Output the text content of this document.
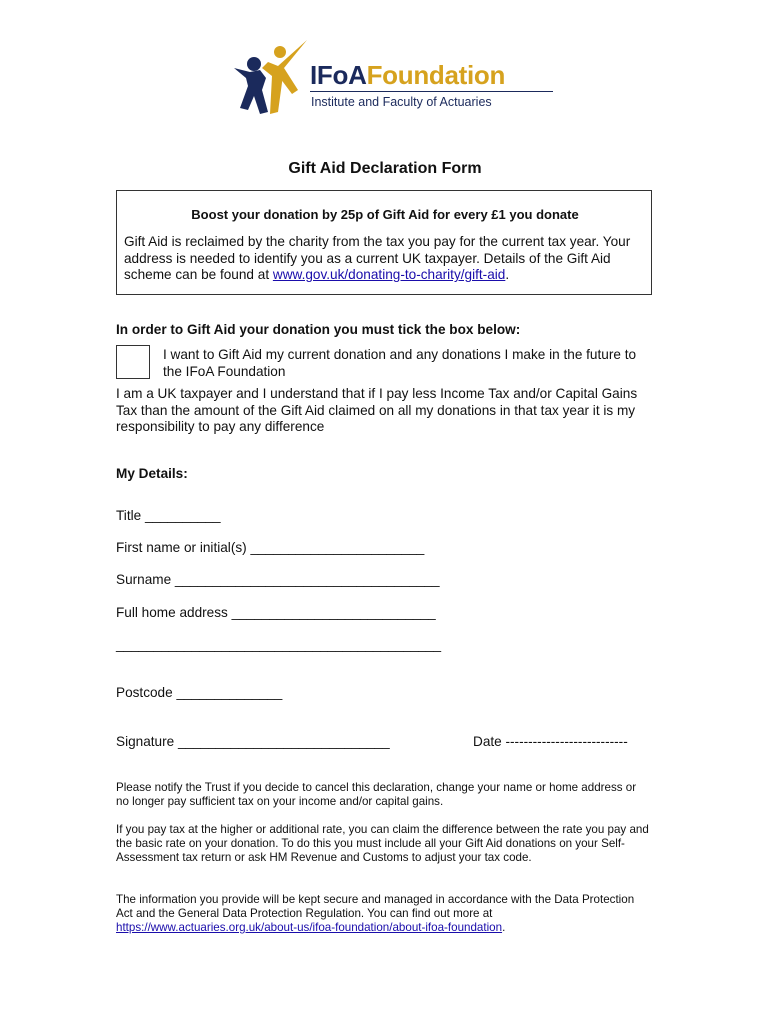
IFoAFoundation
Institute and Faculty of Actuaries
Gift Aid Declaration Form
Boost your donation by 25p of Gift Aid for every £1 you donate
Gift Aid is reclaimed by the charity from the tax you pay for the current tax year. Your address is needed to identify you as a current UK taxpayer. Details of the Gift Aid scheme can be found at www.gov.uk/donating-to-charity/gift-aid.
In order to Gift Aid your donation you must tick the box below:
I want to Gift Aid my current donation and any donations I make in the future to the IFoA Foundation
I am a UK taxpayer and I understand that if I pay less Income Tax and/or Capital Gains Tax than the amount of the Gift Aid claimed on all my donations in that tax year it is my responsibility to pay any difference
My Details:
Title __________
First name or initial(s) _______________________
Surname ___________________________________
Full home address ___________________________
___________________________________________
Postcode ______________
Signature ____________________________	Date ---------------------------
Please notify the Trust if you decide to cancel this declaration, change your name or home address or no longer pay sufficient tax on your income and/or capital gains.
If you pay tax at the higher or additional rate, you can claim the difference between the rate you pay and the basic rate on your donation. To do this you must include all your Gift Aid donations on your Self-Assessment tax return or ask HM Revenue and Customs to adjust your tax code.
The information you provide will be kept secure and managed in accordance with the Data Protection Act and the General Data Protection Regulation. You can find out more at https://www.actuaries.org.uk/about-us/ifoa-foundation/about-ifoa-foundation.
